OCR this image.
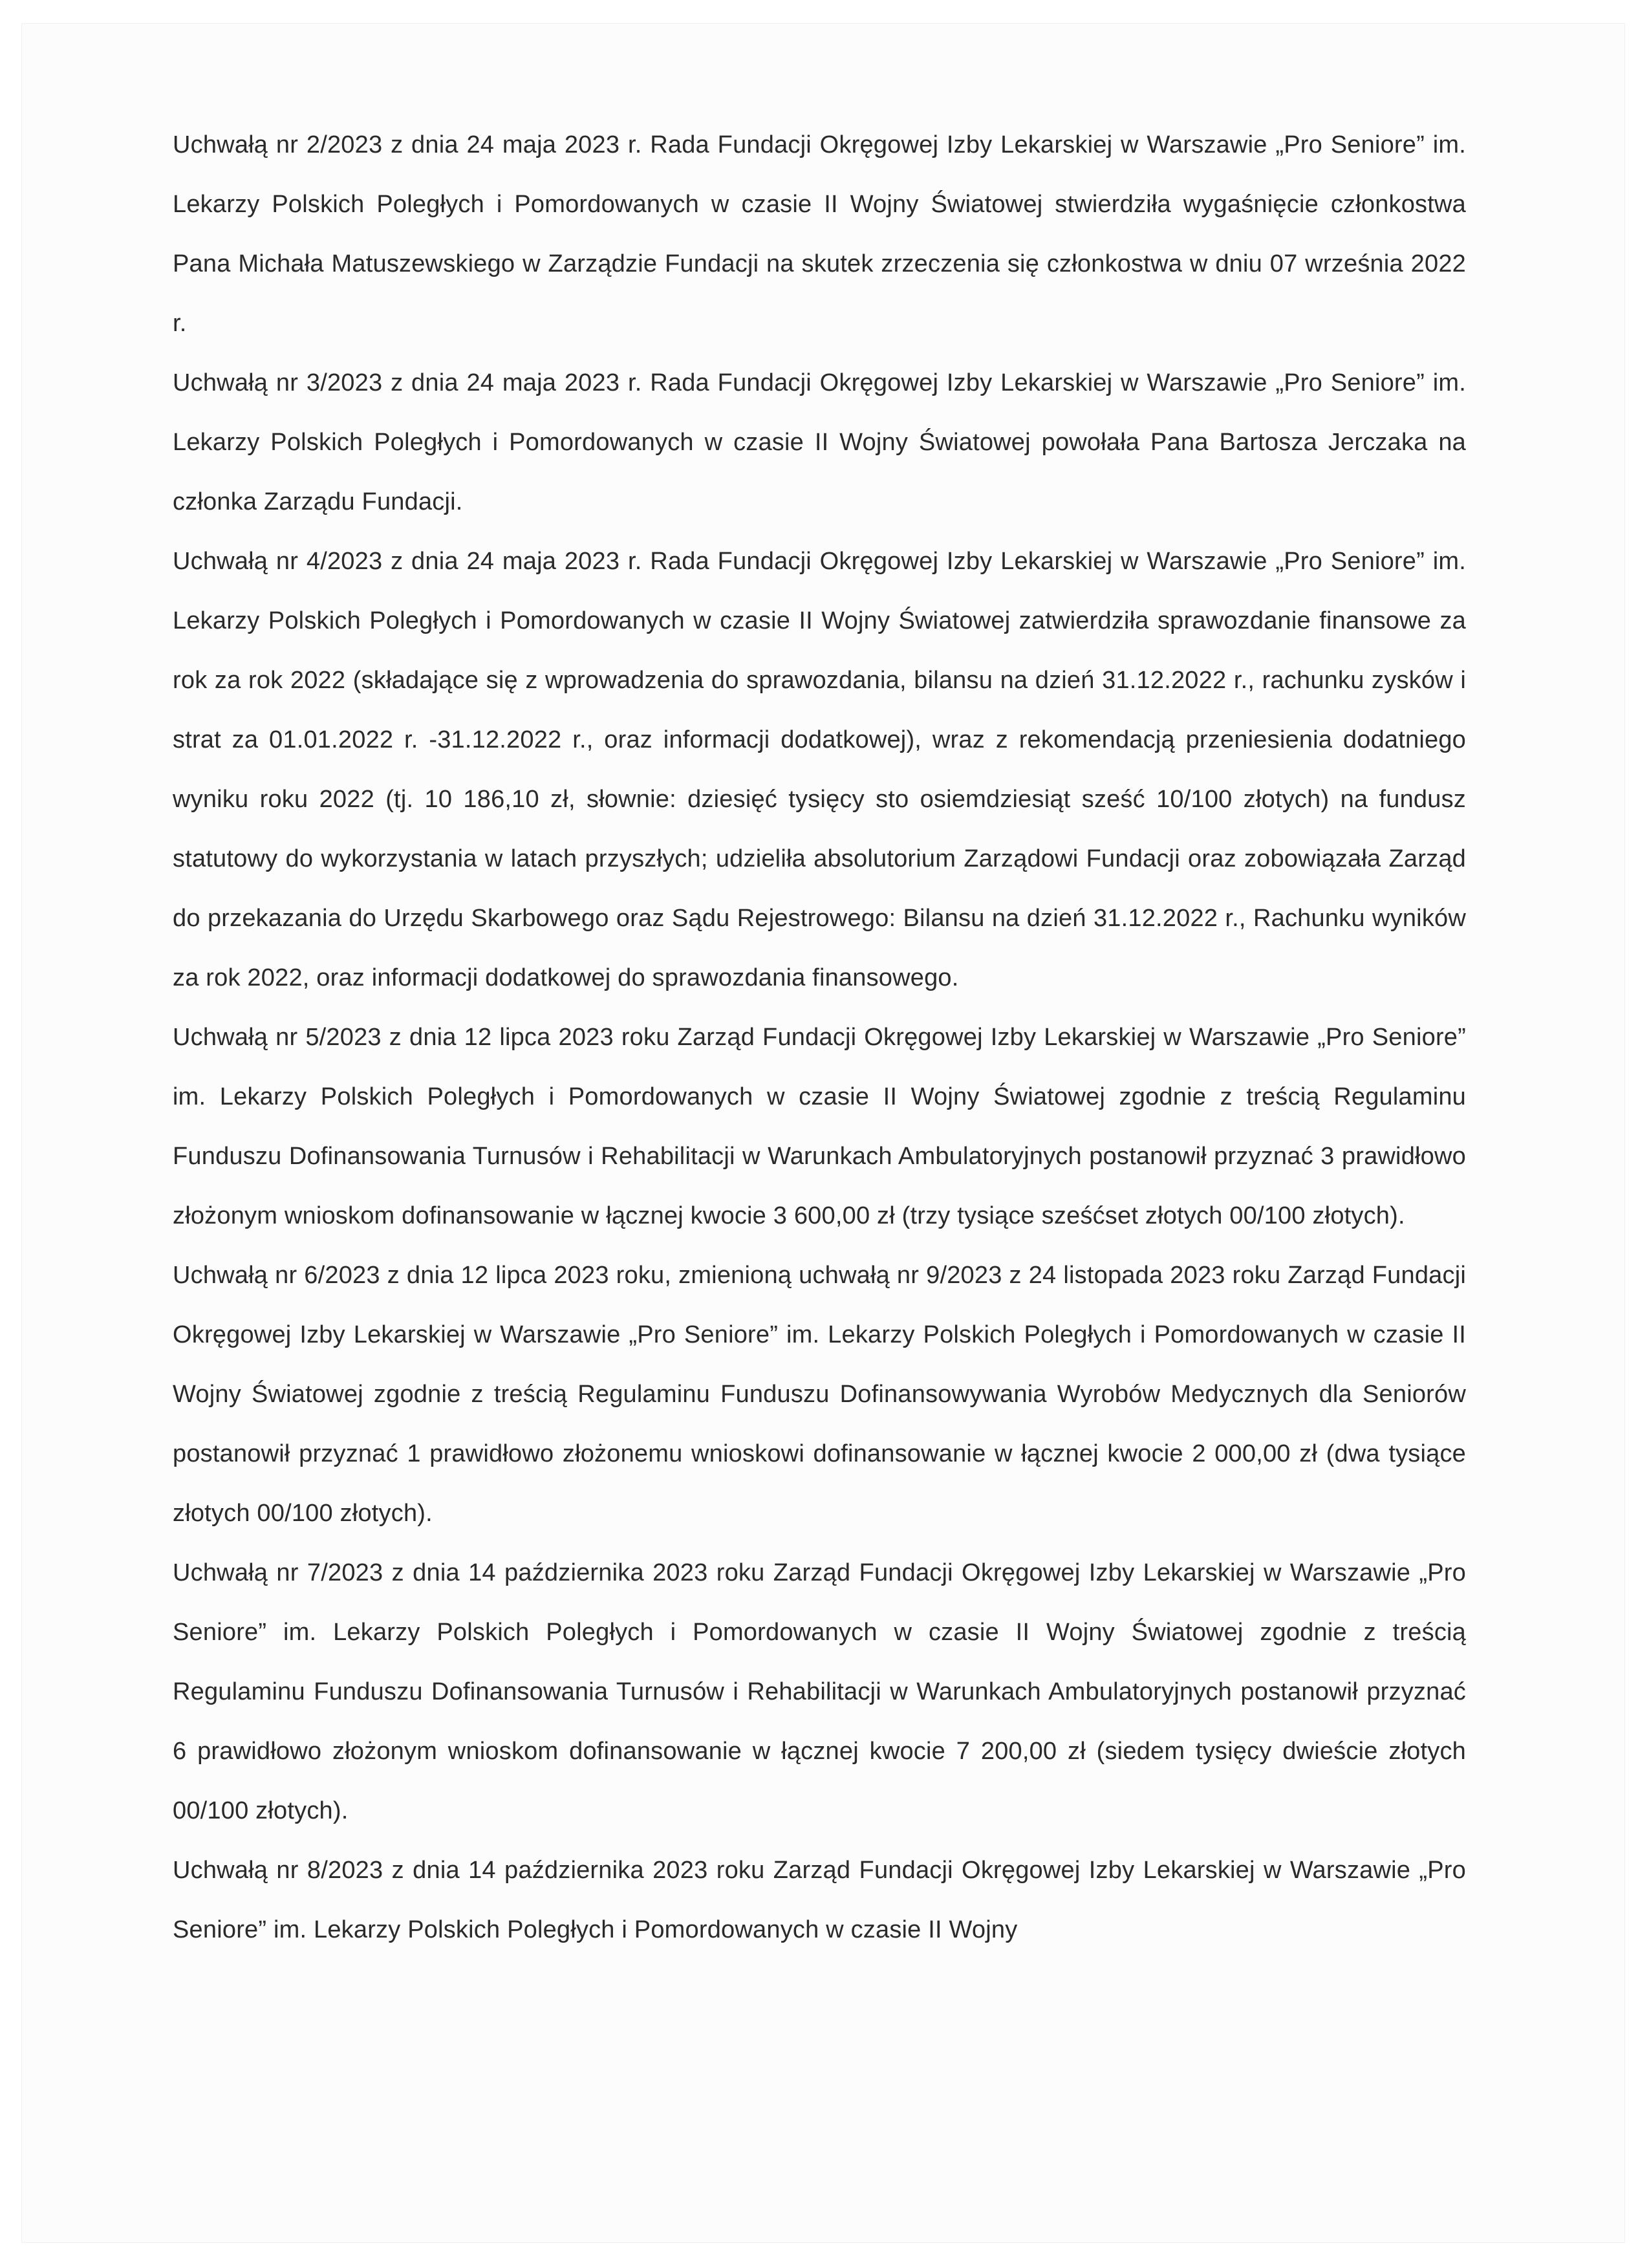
Uchwałą nr 2/2023 z dnia 24 maja 2023 r. Rada Fundacji Okręgowej Izby Lekarskiej w Warszawie „Pro Seniore” im. Lekarzy Polskich Poległych i Pomordowanych w czasie II Wojny Światowej stwierdziła wygaśnięcie członkostwa Pana Michała Matuszewskiego w Zarządzie Fundacji na skutek zrzeczenia się członkostwa w dniu 07 września 2022 r.

Uchwałą nr 3/2023 z dnia 24 maja 2023 r. Rada Fundacji Okręgowej Izby Lekarskiej w Warszawie „Pro Seniore” im. Lekarzy Polskich Poległych i Pomordowanych w czasie II Wojny Światowej powołała Pana Bartosza Jerczaka na członka Zarządu Fundacji.

Uchwałą nr 4/2023 z dnia 24 maja 2023 r. Rada Fundacji Okręgowej Izby Lekarskiej w Warszawie „Pro Seniore” im. Lekarzy Polskich Poległych i Pomordowanych w czasie II Wojny Światowej zatwierdziła sprawozdanie finansowe za rok za rok 2022 (składające się z wprowadzenia do sprawozdania, bilansu na dzień 31.12.2022 r., rachunku zysków i strat za 01.01.2022 r. -31.12.2022 r., oraz informacji dodatkowej), wraz z rekomendacją przeniesienia dodatniego wyniku roku 2022 (tj. 10 186,10 zł, słownie: dziesięć tysięcy sto osiemdziesiąt sześć 10/100 złotych) na fundusz statutowy do wykorzystania w latach przyszłych; udzieliła absolutorium Zarządowi Fundacji oraz zobowiązała Zarząd do przekazania do Urzędu Skarbowego oraz Sądu Rejestrowego: Bilansu na dzień 31.12.2022 r., Rachunku wyników za rok 2022, oraz informacji dodatkowej do sprawozdania finansowego.

Uchwałą nr 5/2023 z dnia 12 lipca 2023 roku Zarząd Fundacji Okręgowej Izby Lekarskiej w Warszawie „Pro Seniore” im. Lekarzy Polskich Poległych i Pomordowanych w czasie II Wojny Światowej zgodnie z treścią Regulaminu Funduszu Dofinansowania Turnusów i Rehabilitacji w Warunkach Ambulatoryjnych postanowił przyznać 3 prawidłowo złożonym wnioskom dofinansowanie w łącznej kwocie 3 600,00 zł (trzy tysiące sześćset złotych 00/100 złotych).

Uchwałą nr 6/2023 z dnia 12 lipca 2023 roku, zmienioną uchwałą nr 9/2023 z 24 listopada 2023 roku Zarząd Fundacji Okręgowej Izby Lekarskiej w Warszawie „Pro Seniore” im. Lekarzy Polskich Poległych i Pomordowanych w czasie II Wojny Światowej zgodnie z treścią Regulaminu Funduszu Dofinansowywania Wyrobów Medycznych dla Seniorów postanowił przyznać 1 prawidłowo złożonemu wnioskowi dofinansowanie w łącznej kwocie 2 000,00 zł (dwa tysiące złotych 00/100 złotych).

Uchwałą nr 7/2023 z dnia 14 października 2023 roku Zarząd Fundacji Okręgowej Izby Lekarskiej w Warszawie „Pro Seniore” im. Lekarzy Polskich Poległych i Pomordowanych w czasie II Wojny Światowej zgodnie z treścią Regulaminu Funduszu Dofinansowania Turnusów i Rehabilitacji w Warunkach Ambulatoryjnych postanowił przyznać 6 prawidłowo złożonym wnioskom dofinansowanie w łącznej kwocie 7 200,00 zł (siedem tysięcy dwieście złotych 00/100 złotych).

Uchwałą nr 8/2023 z dnia 14 października 2023 roku Zarząd Fundacji Okręgowej Izby Lekarskiej w Warszawie „Pro Seniore” im. Lekarzy Polskich Poległych i Pomordowanych w czasie II Wojny
